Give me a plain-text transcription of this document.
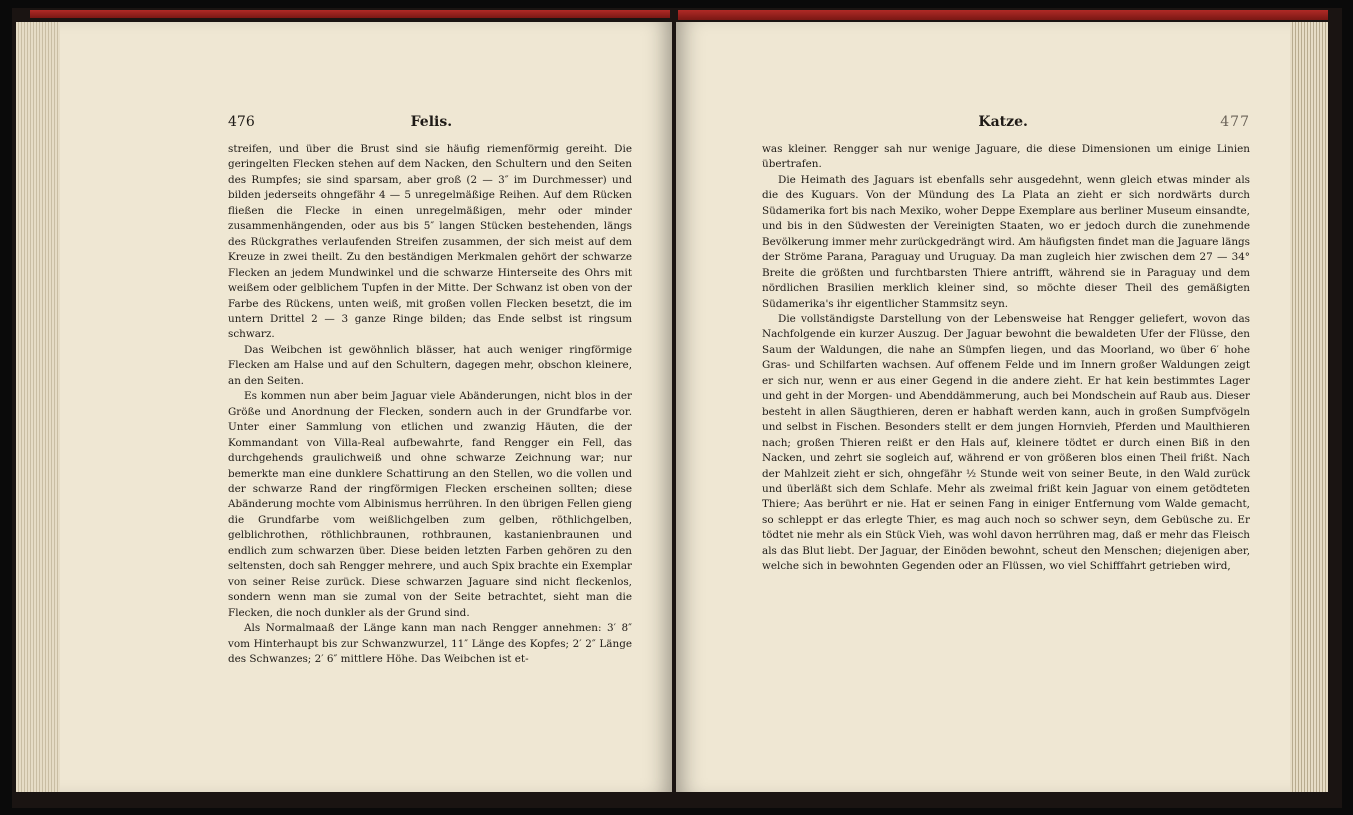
476	Felis.

streifen, und über die Brust sind sie häufig riemenförmig gereiht. Die geringelten Flecken stehen auf dem Nacken, den Schultern und den Seiten des Rumpfes; sie sind sparsam, aber groß (2 — 3″ im Durchmesser) und bilden jederseits ohngefähr 4 — 5 unregelmäßige Reihen. Auf dem Rücken fließen die Flecke in einen unregelmäßigen, mehr oder minder zusammenhängenden, oder aus bis 5″ langen Stücken bestehenden, längs des Rückgrathes verlaufenden Streifen zusammen, der sich meist auf dem Kreuze in zwei theilt. Zu den beständigen Merkmalen gehört der schwarze Flecken an jedem Mundwinkel und die schwarze Hinterseite des Ohrs mit weißem oder gelblichem Tupfen in der Mitte. Der Schwanz ist oben von der Farbe des Rückens, unten weiß, mit großen vollen Flecken besetzt, die im untern Drittel 2 — 3 ganze Ringe bilden; das Ende selbst ist ringsum schwarz.

Das Weibchen ist gewöhnlich blässer, hat auch weniger ringförmige Flecken am Halse und auf den Schultern, dagegen mehr, obschon kleinere, an den Seiten.

Es kommen nun aber beim Jaguar viele Abänderungen, nicht blos in der Größe und Anordnung der Flecken, sondern auch in der Grundfarbe vor. Unter einer Sammlung von etlichen und zwanzig Häuten, die der Kommandant von Villa-Real aufbewahrte, fand Rengger ein Fell, das durchgehends graulichweiß und ohne schwarze Zeichnung war; nur bemerkte man eine dunklere Schattirung an den Stellen, wo die vollen und der schwarze Rand der ringförmigen Flecken erscheinen sollten; diese Abänderung mochte vom Albinismus herrühren. In den übrigen Fellen gieng die Grundfarbe vom weißlichgelben zum gelben, röthlichgelben, gelblichrothen, röthlichbraunen, rothbraunen, kastanienbraunen und endlich zum schwarzen über. Diese beiden letzten Farben gehören zu den seltensten, doch sah Rengger mehrere, und auch Spix brachte ein Exemplar von seiner Reise zurück. Diese schwarzen Jaguare sind nicht fleckenlos, sondern wenn man sie zumal von der Seite betrachtet, sieht man die Flecken, die noch dunkler als der Grund sind.

Als Normalmaaß der Länge kann man nach Rengger annehmen: 3′ 8″ vom Hinterhaupt bis zur Schwanzwurzel, 11″ Länge des Kopfes; 2′ 2″ Länge des Schwanzes; 2′ 6″ mittlere Höhe. Das Weibchen ist et-

Katze.	477

was kleiner. Rengger sah nur wenige Jaguare, die diese Dimensionen um einige Linien übertrafen.

Die Heimath des Jaguars ist ebenfalls sehr ausgedehnt, wenn gleich etwas minder als die des Kuguars. Von der Mündung des La Plata an zieht er sich nordwärts durch Südamerika fort bis nach Mexiko, woher Deppe Exemplare aus berliner Museum einsandte, und bis in den Südwesten der Vereinigten Staaten, wo er jedoch durch die zunehmende Bevölkerung immer mehr zurückgedrängt wird. Am häufigsten findet man die Jaguare längs der Ströme Parana, Paraguay und Uruguay. Da man zugleich hier zwischen dem 27 — 34° Breite die größten und furchtbarsten Thiere antrifft, während sie in Paraguay und dem nördlichen Brasilien merklich kleiner sind, so möchte dieser Theil des gemäßigten Südamerika's ihr eigentlicher Stammsitz seyn.

Die vollständigste Darstellung von der Lebensweise hat Rengger geliefert, wovon das Nachfolgende ein kurzer Auszug. Der Jaguar bewohnt die bewaldeten Ufer der Flüsse, den Saum der Waldungen, die nahe an Sümpfen liegen, und das Moorland, wo über 6′ hohe Gras- und Schilfarten wachsen. Auf offenem Felde und im Innern großer Waldungen zeigt er sich nur, wenn er aus einer Gegend in die andere zieht. Er hat kein bestimmtes Lager und geht in der Morgen- und Abenddämmerung, auch bei Mondschein auf Raub aus. Dieser besteht in allen Säugthieren, deren er habhaft werden kann, auch in großen Sumpfvögeln und selbst in Fischen. Besonders stellt er dem jungen Hornvieh, Pferden und Maulthieren nach; großen Thieren reißt er den Hals auf, kleinere tödtet er durch einen Biß in den Nacken, und zehrt sie sogleich auf, während er von größeren blos einen Theil frißt. Nach der Mahlzeit zieht er sich, ohngefähr ½ Stunde weit von seiner Beute, in den Wald zurück und überläßt sich dem Schlafe. Mehr als zweimal frißt kein Jaguar von einem getödteten Thiere; Aas berührt er nie. Hat er seinen Fang in einiger Entfernung vom Walde gemacht, so schleppt er das erlegte Thier, es mag auch noch so schwer seyn, dem Gebüsche zu. Er tödtet nie mehr als ein Stück Vieh, was wohl davon herrühren mag, daß er mehr das Fleisch als das Blut liebt. Der Jaguar, der Einöden bewohnt, scheut den Menschen; diejenigen aber, welche sich in bewohnten Gegenden oder an Flüssen, wo viel Schifffahrt getrieben wird,
